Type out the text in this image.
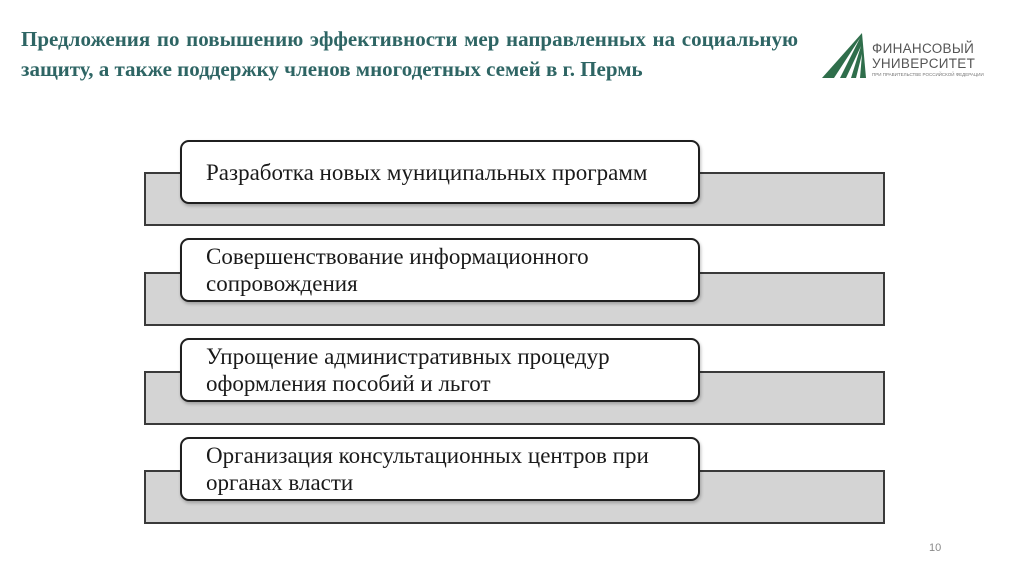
Предложения по повышению эффективности мер направленных на социальную защиту, а также поддержку членов многодетных семей в г. Пермь
ФИНАНСОВЫЙ
УНИВЕРСИТЕТ
ПРИ ПРАВИТЕЛЬСТВЕ РОССИЙСКОЙ ФЕДЕРАЦИИ
Разработка новых муниципальных программ
Совершенствование информационного сопровождения
Упрощение административных процедур оформления пособий и льгот
Организация консультационных центров при органах власти
10
